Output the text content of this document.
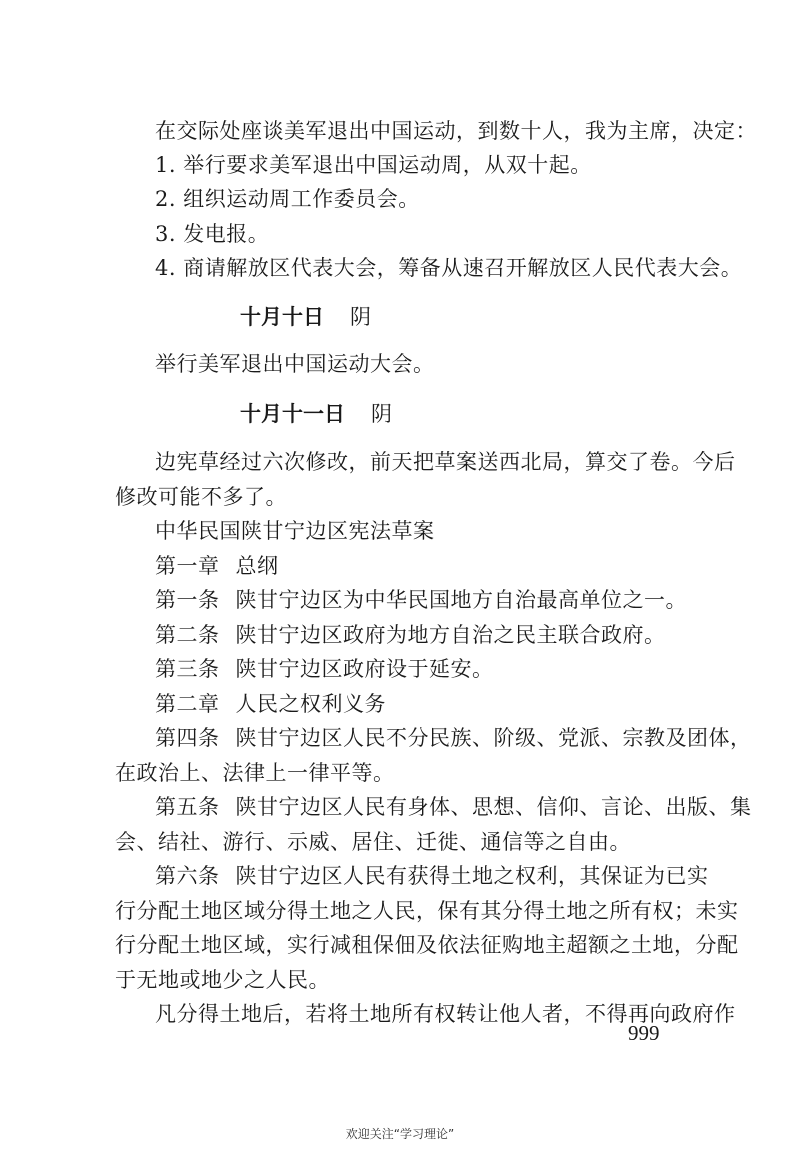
在交际处座谈美军退出中国运动，到数十人，我为主席，决定：
1. 举行要求美军退出中国运动周，从双十起。
2. 组织运动周工作委员会。
3. 发电报。
4. 商请解放区代表大会，筹备从速召开解放区人民代表大会。
十月十日 阴
举行美军退出中国运动大会。
十月十一日 阴
边宪草经过六次修改，前天把草案送西北局，算交了卷。今后
修改可能不多了。
中华民国陕甘宁边区宪法草案
第一章 总纲
第一条 陕甘宁边区为中华民国地方自治最高单位之一。
第二条 陕甘宁边区政府为地方自治之民主联合政府。
第三条 陕甘宁边区政府设于延安。
第二章 人民之权利义务
第四条 陕甘宁边区人民不分民族、阶级、党派、宗教及团体，
在政治上、法律上一律平等。
第五条 陕甘宁边区人民有身体、思想、信仰、言论、出版、集
会、结社、游行、示威、居住、迁徙、通信等之自由。
第六条 陕甘宁边区人民有获得土地之权利，其保证为已实
行分配土地区域分得土地之人民，保有其分得土地之所有权；未实
行分配土地区域，实行减租保佃及依法征购地主超额之土地，分配
于无地或地少之人民。
凡分得土地后，若将土地所有权转让他人者，不得再向政府作
999
欢迎关注“学习理论”
